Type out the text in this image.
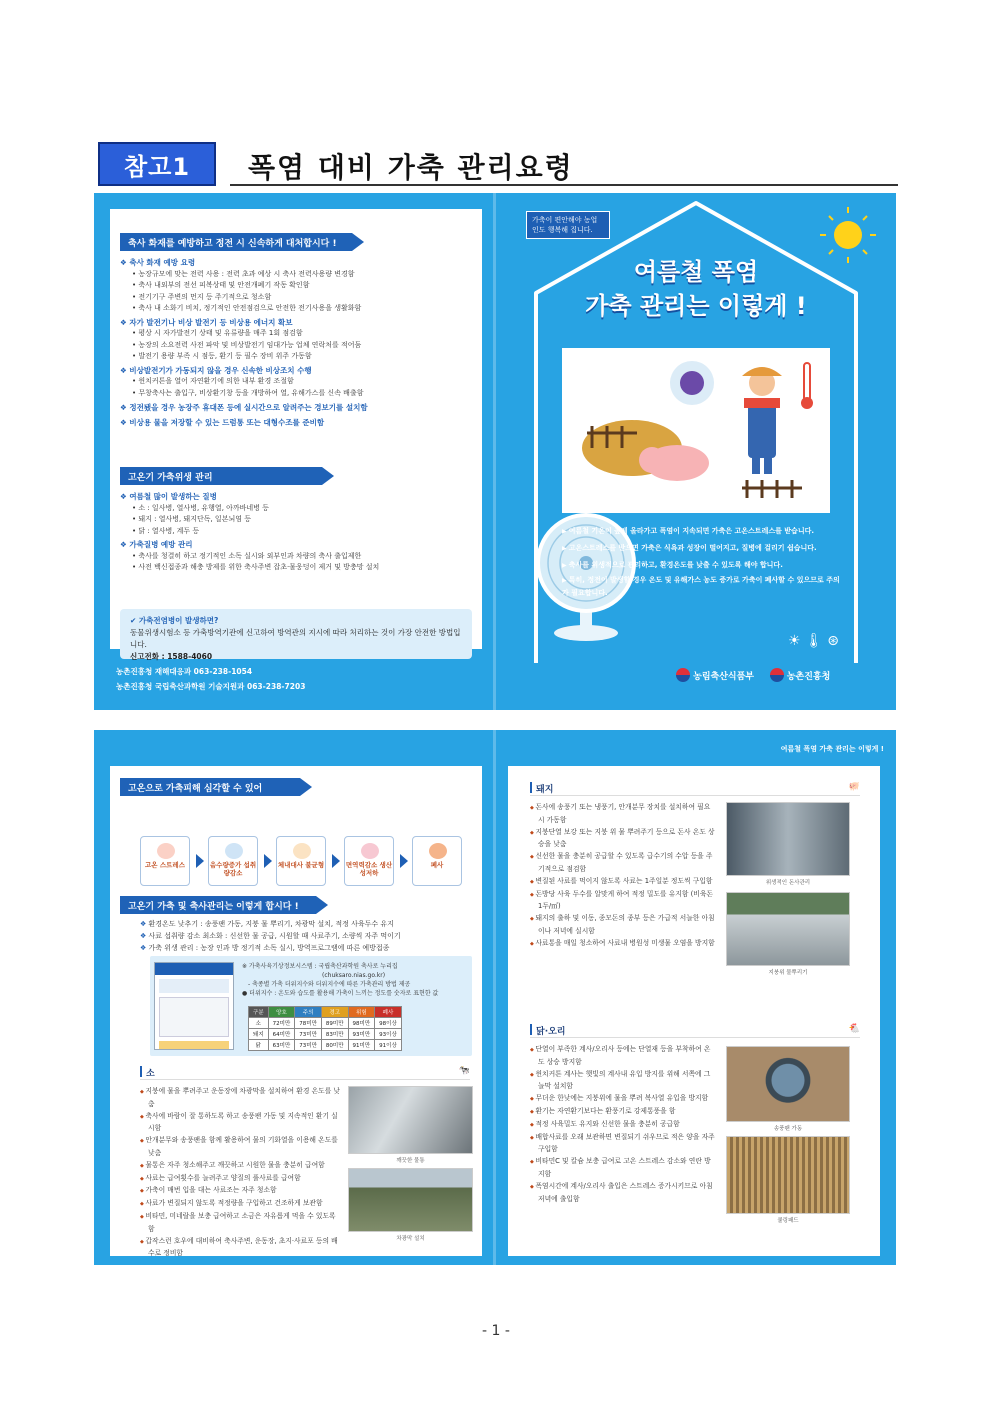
참고1	폭염 대비 가축 관리요령
축사 화재를 예방하고 정전 시 신속하게 대처합시다 !
❖ 축사 화재 예방 요령
• 농장규모에 맞는 전력 사용 : 전력 초과 예상 시 축사 전력사용량 변경함
• 축사 내외부의 전선 피복상태 및 안전개폐기 작동 확인함
• 전기기구 주변의 먼지 등 주기적으로 청소함
• 축사 내 소화기 비치, 정기적인 안전점검으로 안전한 전기사용을 생활화함
❖ 자가 발전기나 비상 발전기 등 비상용 에너지 확보
• 평상 시 자가발전기 상태 및 유류량을 매주 1회 점검함
• 농장의 소요전력 사전 파악 및 비상발전기 임대가능 업체 연락처를 적어둠
• 발전기 용량 부족 시 점등, 환기 등 필수 장비 위주 가동함
❖ 비상발전기가 가동되지 않을 경우 신속한 비상조치 수행
• 윈치커튼을 열어 자연환기에 의한 내부 환경 조절함
• 무창축사는 출입구, 비상환기창 등을 개방하여 열, 유해가스를 신속 배출함
❖ 정전됐을 경우 농장주 휴대폰 등에 실시간으로 알려주는 경보기를 설치함
❖ 비상용 물을 저장할 수 있는 드럼통 또는 대형수조를 준비함
고온기 가축위생 관리
❖ 여름철 많이 발생하는 질병
• 소 : 일사병, 열사병, 유행열, 아까바네병 등
• 돼지 : 열사병, 돼지단독, 일본뇌염 등
• 닭 : 열사병, 계두 등
❖ 가축질병 예방 관리
• 축사를 청결히 하고 정기적인 소독 실시와 외부인과 차량의 축사 출입제한
• 사전 백신접종과 해충 방제를 위한 축사주변 잡초·물웅덩이 제거 및 방충망 설치
✔ 가축전염병이 발생하면?
동물위생시험소 등 가축방역기관에 신고하여 방역관의 지시에 따라 처리하는 것이 가장 안전한 방법입니다.
신고전화 : 1588-4060
농촌진흥청 재해대응과 063-238-1054
농촌진흥청 국립축산과학원 기술지원과 063-238-7203
☀ 🌡 ⊛
가축이 편안해야 농업인도 행복해 집니다.
여름철 폭염
가축 관리는 이렇게 !
▶ 여름철 기온이 높게 올라가고 폭염이 지속되면 가축은 고온스트레스를 받습니다.
▶ 고온스트레스를 받으면 가축은 식욕과 성장이 떨어지고, 질병에 걸리기 쉽습니다.
▶ 축사를 위생적으로 관리하고, 환경온도를 낮출 수 있도록 해야 합니다.
▶ 특히, 정전이 발생할 경우 온도 및 유해가스 농도 증가로 가축이 폐사할 수 있으므로 주의가 필요합니다.
농림축산식품부	농촌진흥청
여름철 폭염 가축 관리는 이렇게 !
고온으로 가축피해 심각할 수 있어
고온 스트레스	음수량증가 섭취량감소
체내대사 불균형	면역력감소 생산성저하
폐사
고온기 가축 및 축사관리는 이렇게 합시다 !
❖ 환경온도 낮추기 : 송풍팬 가동, 지붕 물 뿌리기, 차광막 설치, 적정 사육두수 유지
❖ 사료 섭취량 감소 최소화 : 신선한 물 공급, 시원할 때 사료주기, 소량씩 자주 먹이기
❖ 가축 위생 관리 : 농장 인과 방 정기적 소독 실시, 방역프로그램에 따른 예방접종
※ 가축사육기상정보시스템 : 국립축산과학원 축사로 누리집
(chuksaro.nias.go.kr)
- 축종별 가축 더위지수와 더위지수에 따른 가축관리 방법 제공
● 더위지수 : 온도와 습도를 활용해 가축이 느끼는 정도를 숫자로 표현한 값
구분	양호	주의	경고	위험	폐사
소	72미만	78미만	89미만	98미만	98이상
돼지	64미만	73미만	83미만	93미만	93이상
닭	63미만	73미만	80미만	91미만	91이상
소	🐄
◆ 지붕에 물을 뿌려주고 운동장에 차광막을 설치하여 환경 온도를 낮춤
◆ 축사에 바람이 잘 통하도록 하고 송풍팬 가동 및 지속적인 환기 실시함
◆ 안개분무와 송풍팬을 함께 활용하여 물의 기화열을 이용해 온도를 낮춤
◆ 물통은 자주 청소해주고 깨끗하고 시원한 물을 충분히 급여함
◆ 사료는 급여횟수를 늘려주고 양질의 풀사료를 급여함
◆ 가축이 매번 입을 대는 사료조는 자주 청소함
◆ 사료가 변질되지 않도록 적정량을 구입하고 건조하게 보관함
◆ 비타민, 미네랄을 보충 급여하고 소금은 자유롭게 먹을 수 있도록 함
◆ 갑작스런 호우에 대비하여 축사주변, 운동장, 초지·사료포 등의 배수로 정비함
깨끗한 물통
차광막 설치
돼지	🐖
◆ 돈사에 송풍기 또는 냉풍기, 안개분무 장치를 설치하여 필요 시 가동함
◆ 지붕단열 보강 또는 지붕 위 물 뿌려주기 등으로 돈사 온도 상승을 낮춤
◆ 신선한 물을 충분히 공급할 수 있도록 급수기의 수압 등을 주기적으로 점검함
◆ 변질된 사료를 먹이지 않도록 사료는 1주일분 정도씩 구입함
◆ 돈방당 사육 두수를 알맞게 하여 적정 밀도를 유지함 (비육돈 1두/㎡)
◆ 돼지의 출하 및 이동, 종모돈의 종부 등은 가급적 서늘한 아침이나 저녁에 실시함
◆ 사료통을 매일 청소하여 사료내 병원성 미생물 오염을 방지함
위생적인 돈사관리
지붕위 물뿌리기
닭·오리	🐔
◆ 단열이 부족한 계사/오리사 등에는 단열재 등을 부착하여 온도 상승 방지함
◆ 윈치커튼 계사는 햇빛의 계사내 유입 방지를 위해 서쪽에 그늘막 설치함
◆ 무더운 한낮에는 지붕위에 물을 뿌려 복사열 유입을 방지함
◆ 환기는 자연환기보다는 환풍기로 강제통풍을 함
◆ 적정 사육밀도 유지와 신선한 물을 충분히 공급함
◆ 배합사료를 오래 보관하면 변질되기 쉬우므로 적은 양을 자주 구입함
◆ 비타민C 및 칼슘 보충 급여로 고온 스트레스 감소와 연란 방지함
◆ 폭염시간에 계사/오리사 출입은 스트레스 증가시키므로 아침 저녁에 출입함
송풍팬 가동
쿨링패드
- 1 -
